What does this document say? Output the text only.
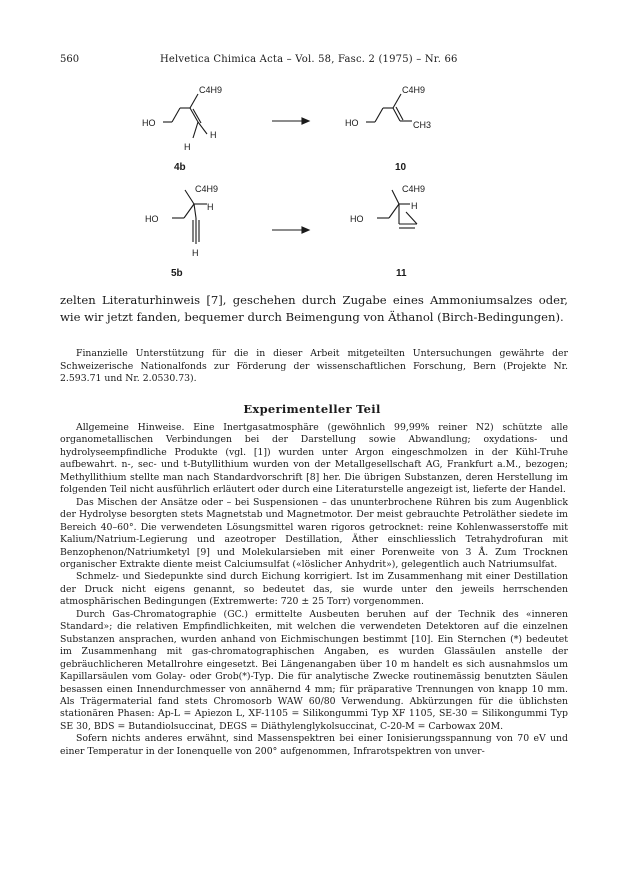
560	Helvetica Chimica Acta – Vol. 58, Fasc. 2 (1975) – Nr. 66
HO
C4H9
H
H
4b
HO
C4H9
CH3
10
C4H9
H
HO
H
5b
C4H9
H
HO
11
zelten Literaturhinweis [7], geschehen durch Zugabe eines Ammoniumsalzes oder, wie wir jetzt fanden, bequemer durch Beimengung von Äthanol (Birch-Bedingungen).
Finanzielle Unterstützung für die in dieser Arbeit mitgeteilten Untersuchungen gewährte der Schweizerische Nationalfonds zur Förderung der wissenschaftlichen Forschung, Bern (Projekte Nr. 2.593.71 und Nr. 2.0530.73).
Experimenteller Teil

Allgemeine Hinweise. Eine Inertgasatmosphäre (gewöhnlich 99,99% reiner N2) schützte alle organometallischen Verbindungen bei der Darstellung sowie Abwandlung; oxydations- und hydrolyseempfindliche Produkte (vgl. [1]) wurden unter Argon eingeschmolzen in der Kühl-Truhe aufbewahrt. n-, sec- und t-Butyllithium wurden von der Metallgesellschaft AG, Frankfurt a.M., bezogen; Methyllithium stellte man nach Standardvorschrift [8] her. Die übrigen Substanzen, deren Herstellung im folgenden Teil nicht ausführlich erläutert oder durch eine Literaturstelle angezeigt ist, lieferte der Handel.

Das Mischen der Ansätze oder – bei Suspensionen – das ununterbrochene Rühren bis zum Augenblick der Hydrolyse besorgten stets Magnetstab und Magnetmotor. Der meist gebrauchte Petroläther siedete im Bereich 40–60°. Die verwendeten Lösungsmittel waren rigoros getrocknet: reine Kohlenwasserstoffe mit Kalium/Natrium-Legierung und azeotroper Destillation, Äther einschliesslich Tetrahydrofuran mit Benzophenon/Natriumketyl [9] und Molekularsieben mit einer Porenweite von 3 Å. Zum Trocknen organischer Extrakte diente meist Calciumsulfat («löslicher Anhydrit»), gelegentlich auch Natriumsulfat.

Schmelz- und Siedepunkte sind durch Eichung korrigiert. Ist im Zusammenhang mit einer Destillation der Druck nicht eigens genannt, so bedeutet das, sie wurde unter den jeweils herrschenden atmosphärischen Bedingungen (Extremwerte: 720 ± 25 Torr) vorgenommen.

Durch Gas-Chromatographie (GC.) ermittelte Ausbeuten beruhen auf der Technik des «inneren Standard»; die relativen Empfindlichkeiten, mit welchen die verwendeten Detektoren auf die einzelnen Substanzen ansprachen, wurden anhand von Eichmischungen bestimmt [10]. Ein Sternchen (*) bedeutet im Zusammenhang mit gas-chromatographischen Angaben, es wurden Glassäulen anstelle der gebräuchlicheren Metallrohre eingesetzt. Bei Längenangaben über 10 m handelt es sich ausnahmslos um Kapillarsäulen vom Golay- oder Grob(*)-Typ. Die für analytische Zwecke routinemässig benutzten Säulen besassen einen Innendurchmesser von annähernd 4 mm; für präparative Trennungen von knapp 10 mm. Als Trägermaterial fand stets Chromosorb WAW 60/80 Verwendung. Abkürzungen für die üblichsten stationären Phasen: Ap-L = Apiezon L, XF-1105 = Silikongummi Typ XF 1105, SE-30 = Silikongummi Typ SE 30, BDS = Butandiolsuccinat, DEGS = Diäthylenglykolsuccinat, C-20-M = Carbowax 20M.

Sofern nichts anderes erwähnt, sind Massenspektren bei einer Ionisierungsspannung von 70 eV und einer Temperatur in der Ionenquelle von 200° aufgenommen, Infrarotspektren von unver-
